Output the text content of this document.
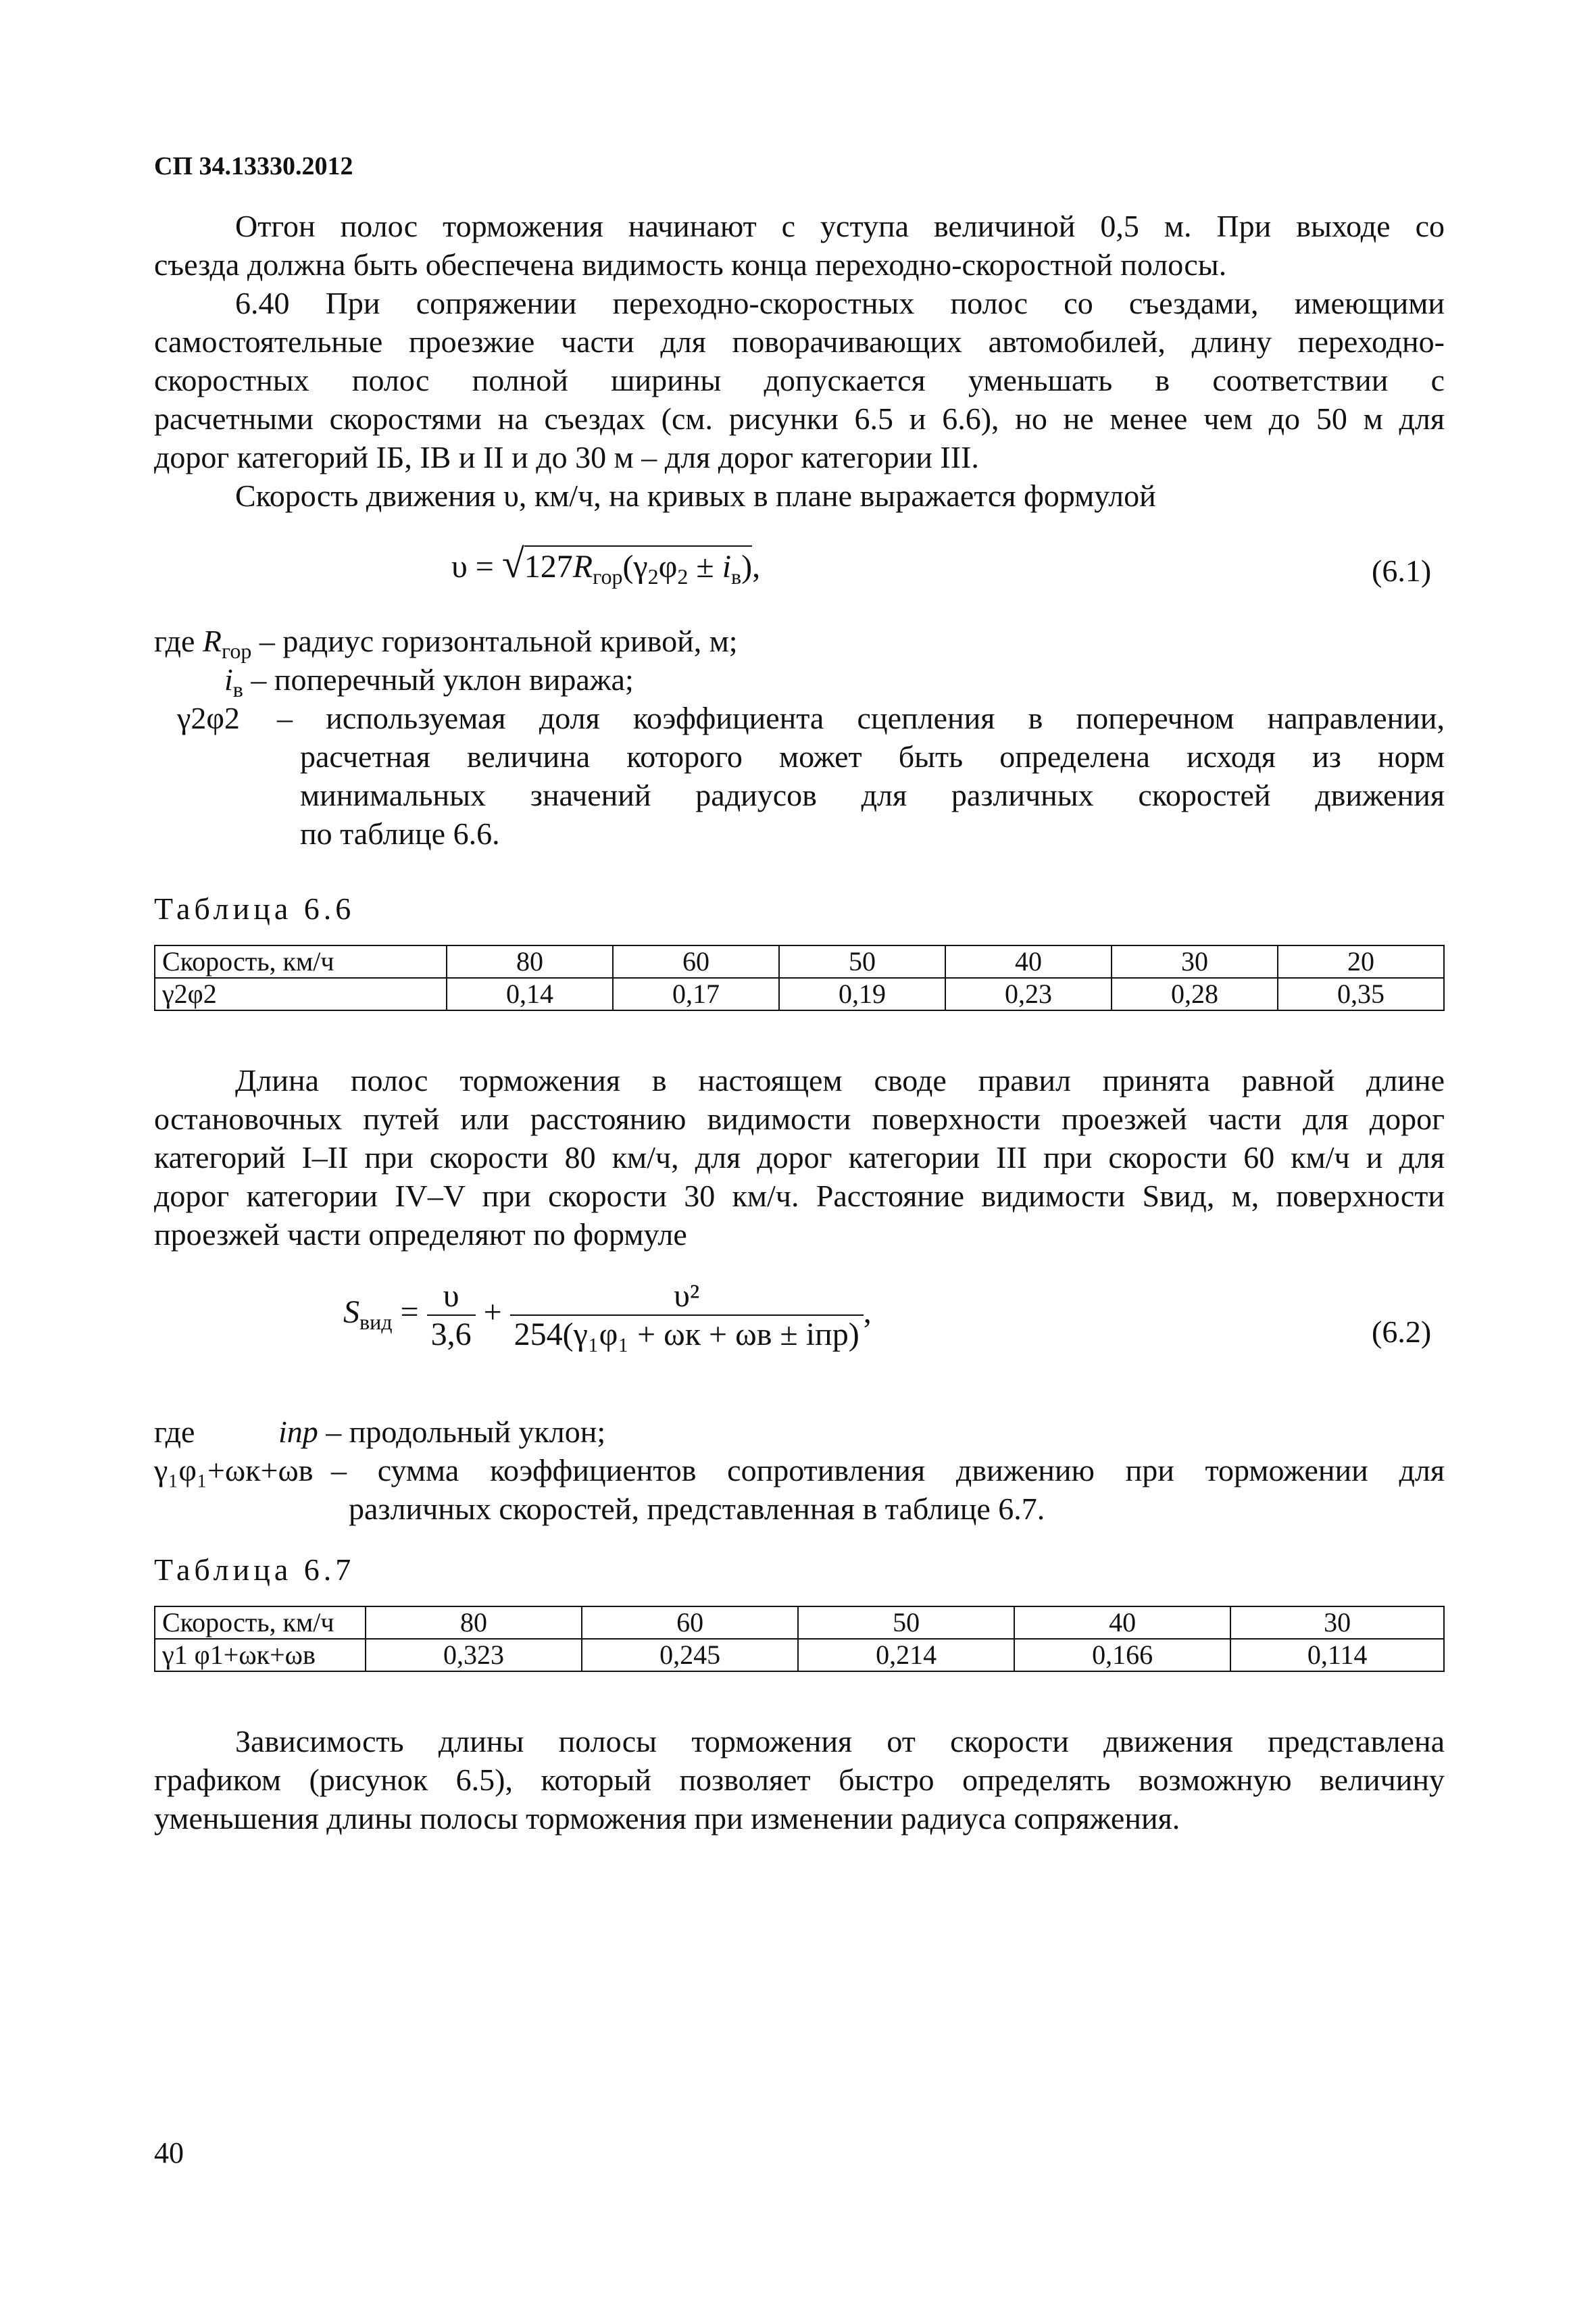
СП 34.13330.2012
Отгон полос торможения начинают с уступа величиной 0,5 м. При выходе со
съезда должна быть обеспечена видимость конца переходно-скоростной полосы.
6.40 При сопряжении переходно-скоростных полос со съездами, имеющими
самостоятельные проезжие части для поворачивающих автомобилей, длину переходно-
скоростных полос полной ширины допускается уменьшать в соответствии с
расчетными скоростями на съездах (см. рисунки 6.5 и 6.6), но не менее чем до 50 м для
дорог категорий IБ, IВ и II и до 30 м – для дорог категории III.
Скорость движения υ, км/ч, на кривых в плане выражается формулой
$\upsilon = √127R_{гор}(\gamma_2\varphi_2 \pm i_в)$,	(6.1)
где $R_{гор}$ – радиус горизонтальной кривой, м;
$i_в$ – поперечный уклон виража;
γ2φ2 – используемая доля коэффициента сцепления в поперечном направлении,
расчетная величина которого может быть определена исходя из норм
минимальных значений радиусов для различных скоростей движения
по таблице 6.6.
Таблица 6.6
Скорость, км/ч	80	60	50	40	30	20
γ2φ2	0,14	0,17	0,19	0,23	0,28	0,35
Длина полос торможения в настоящем своде правил принята равной длине
остановочных путей или расстоянию видимости поверхности проезжей части для дорог
категорий I–II при скорости 80 км/ч, для дорог категории III при скорости 60 км/ч и для
дорог категории IV–V при скорости 30 км/ч. Расстояние видимости Sвид, м, поверхности
проезжей части определяют по формуле
$S_{вид} = \frac{\upsilon}{3,6} + \frac{\text{υ²}}{\text{254(γ₁φ₁ + ωк + ωв ± iпр)}}$ ,
(6.2)
где	iпр – продольный уклон;
γ₁φ₁+ωк+ωв – сумма коэффициентов сопротивления движению при торможении для
различных скоростей, представленная в таблице 6.7.
Таблица 6.7
Скорость, км/ч	80	60	50	40	30
γ1 φ1+ωк+ωв	0,323	0,245	0,214	0,166	0,114
Зависимость длины полосы торможения от скорости движения представлена
графиком (рисунок 6.5), который позволяет быстро определять возможную величину
уменьшения длины полосы торможения при изменении радиуса сопряжения.
40
